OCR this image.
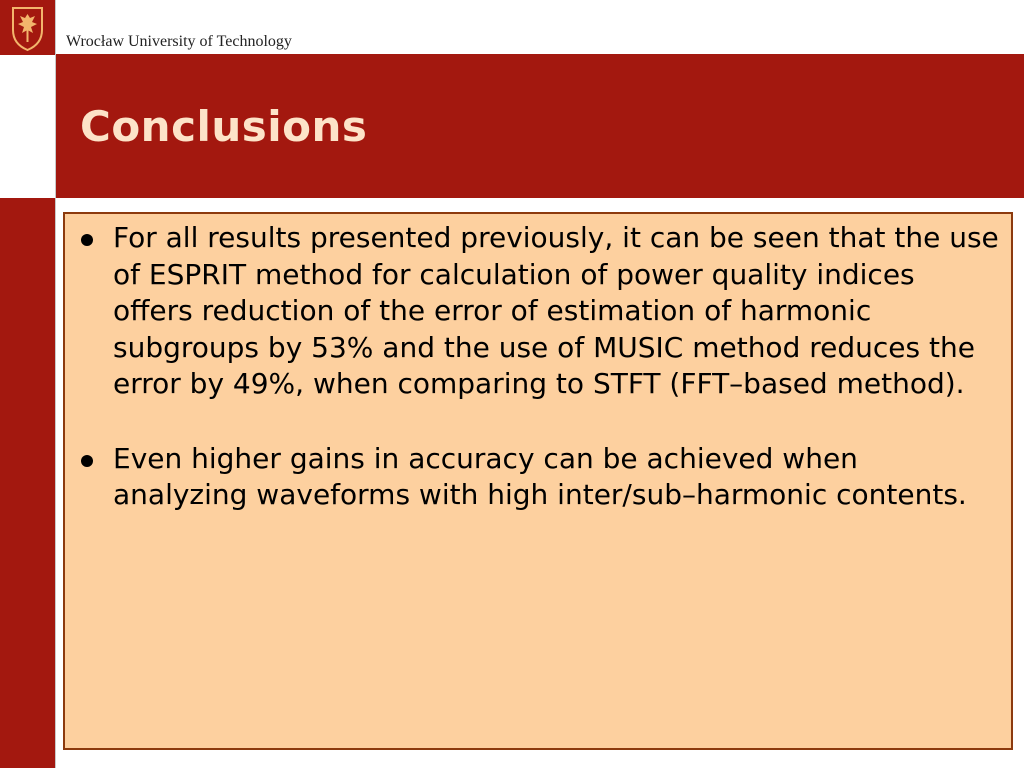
Wrocław University of Technology
Conclusions
For all results presented previously, it can be seen that the use of ESPRIT method for calculation of power quality indices offers reduction of the error of estimation of harmonic subgroups by 53% and the use of MUSIC method reduces the error by 49%, when comparing to STFT (FFT–based method).
Even higher gains in accuracy can be achieved when analyzing waveforms with high inter/sub–harmonic contents.
